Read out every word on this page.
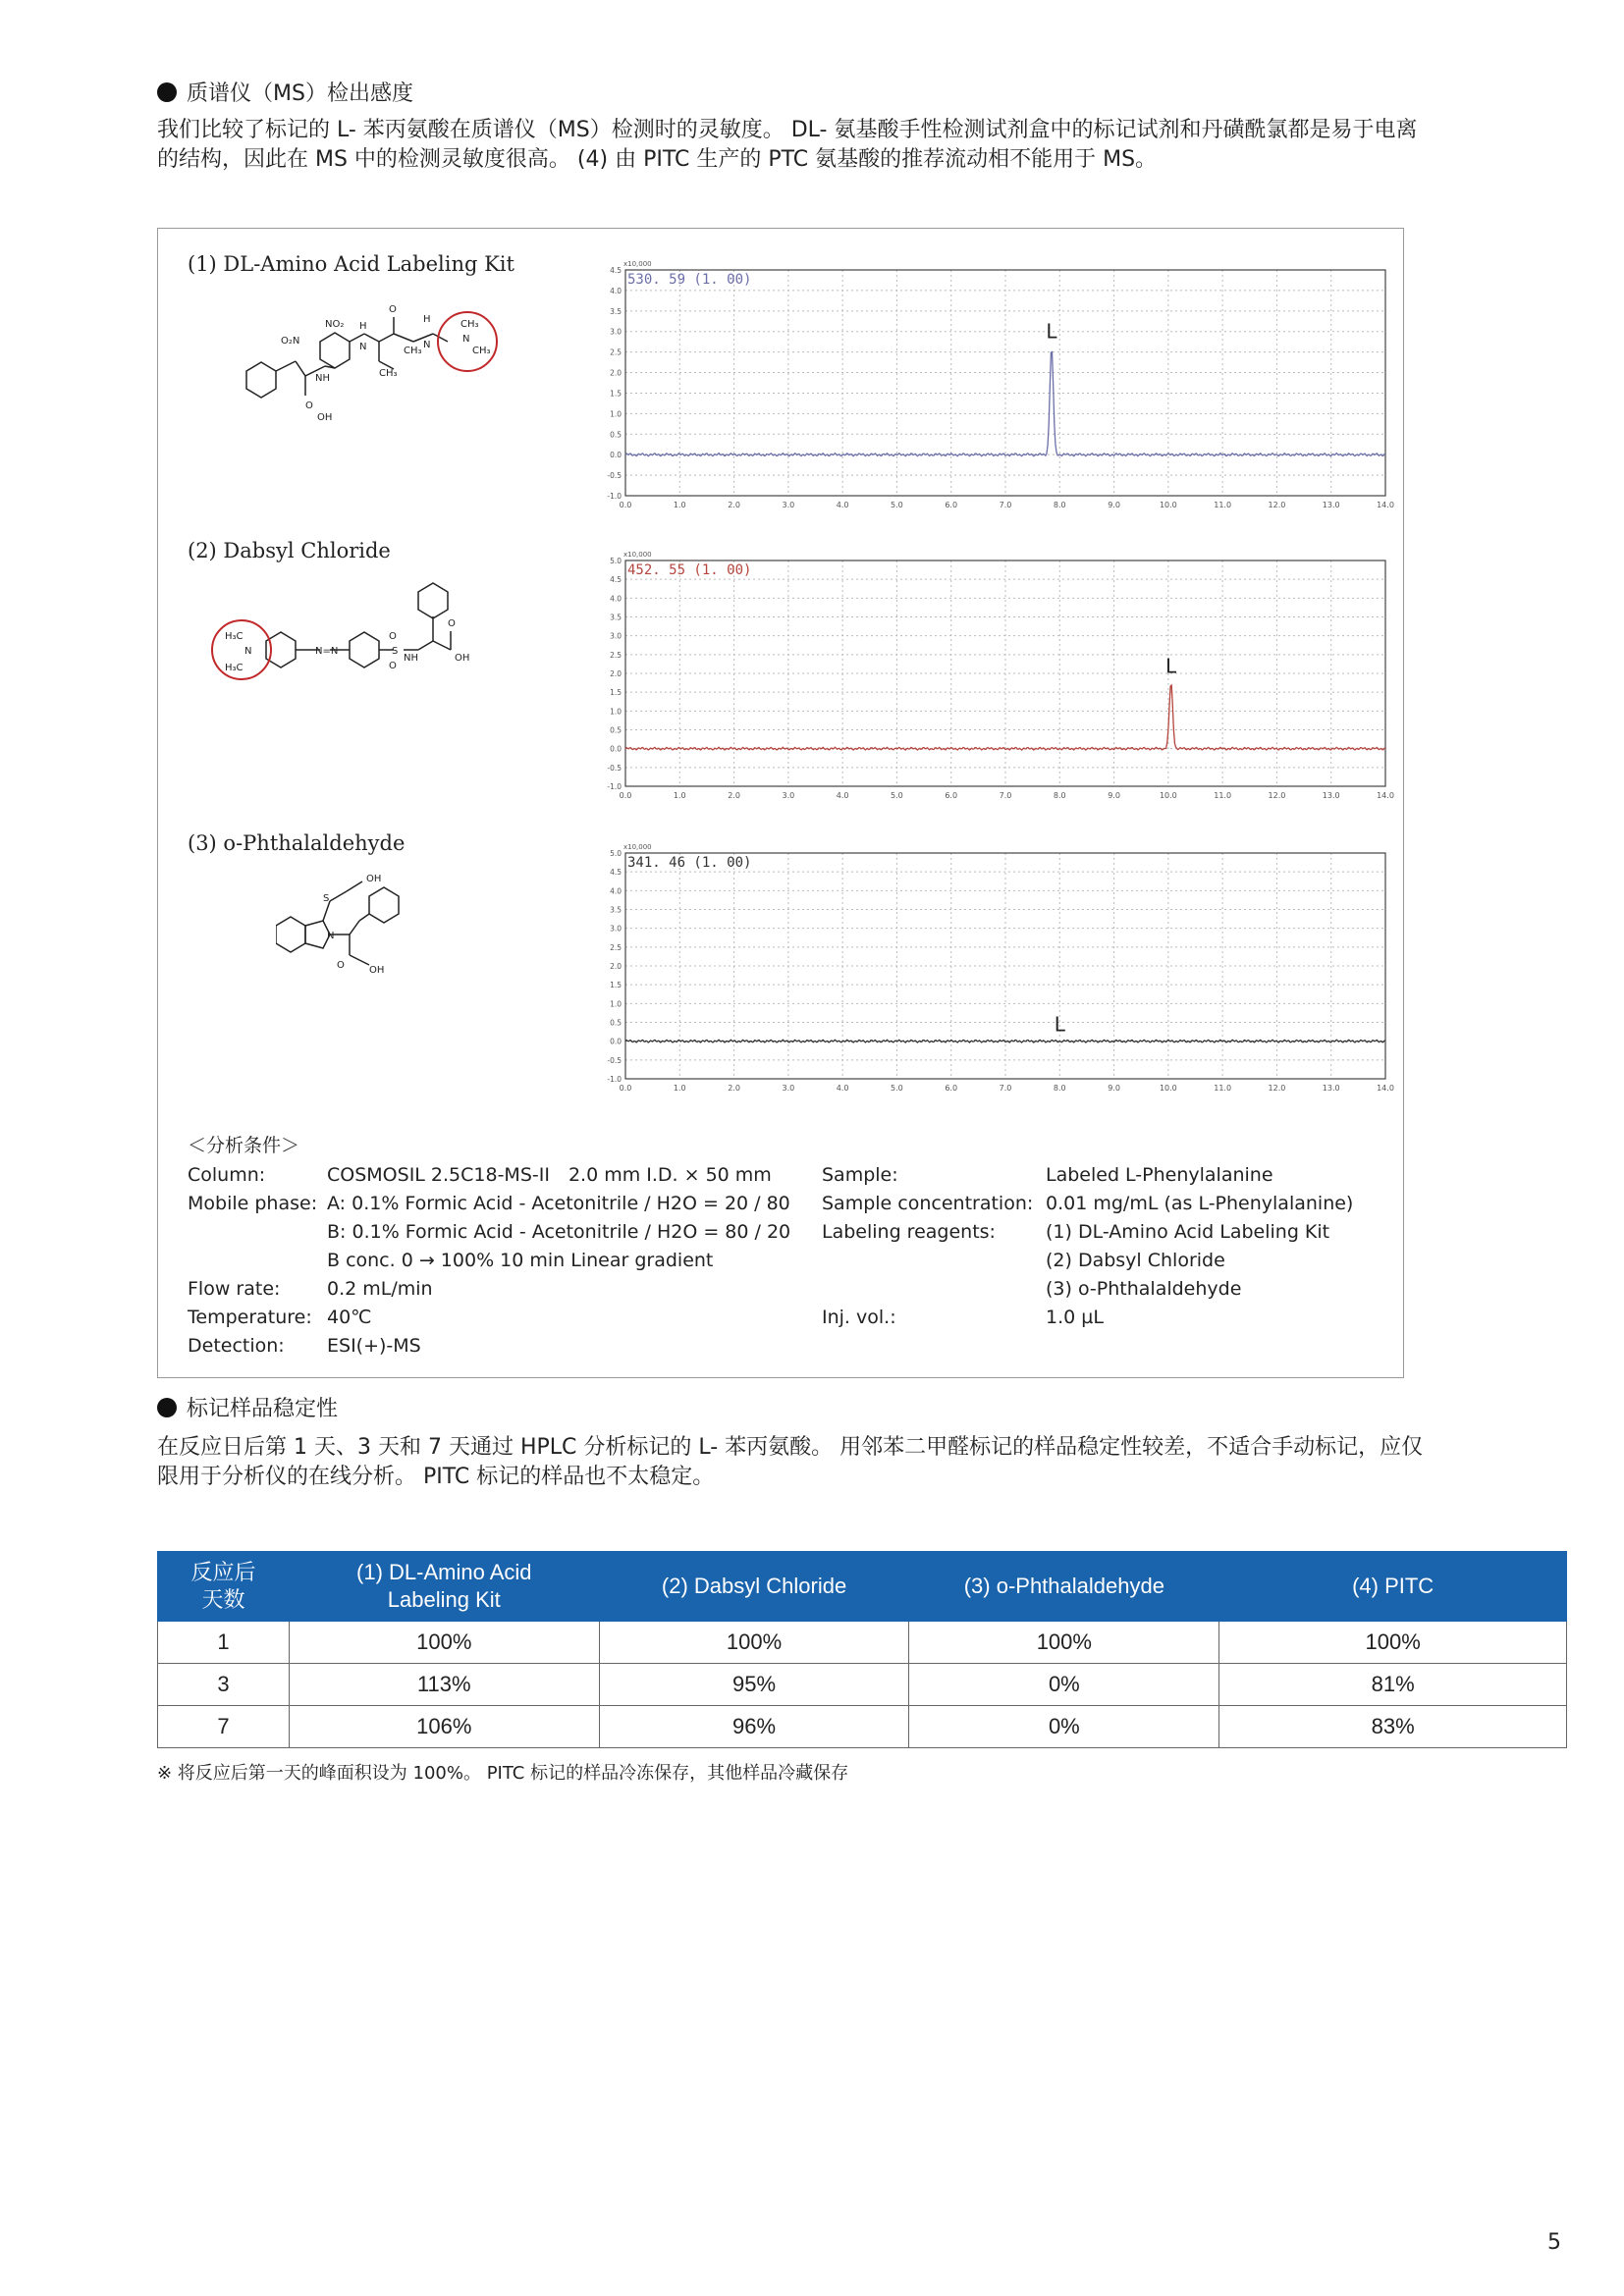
质谱仪（MS）检出感度
我们比较了标记的 L- 苯丙氨酸在质谱仪（MS）检测时的灵敏度。 DL- 氨基酸手性检测试剂盒中的标记试剂和丹磺酰氯都是易于电离
的结构，因此在 MS 中的检测灵敏度很高。 (4) 由 PITC 生产的 PTC 氨基酸的推荐流动相不能用于 MS。
(1) DL-Amino Acid Labeling Kit
NO₂
O₂N
NH
O
OH
H
N
O
CH₃
CH₃
N
H	CH₃
N
CH₃
(2) Dabsyl Chloride
H₃C
N
H₃C
N=N	S
O
O
NH
O
OH
(3) o-Phthalaldehyde
S
OH
N
O	OH
0.0	1.0	2.0	3.0	4.0	5.0	6.0	7.0	8.0	9.0	10.0	11.0	12.0	13.0	14.0
-1.0
-0.5
0.0
0.5
1.0
1.5
2.0
2.5
3.0
3.5
4.0
4.5
x10,000
530. 59 (1. 00)
L
0.0	1.0	2.0	3.0	4.0	5.0	6.0	7.0	8.0	9.0	10.0	11.0	12.0	13.0	14.0
-1.0
-0.5
0.0
0.5
1.0
1.5
2.0
2.5
3.0
3.5
4.0
4.5
5.0
x10,000
452. 55 (1. 00)
L
0.0	1.0	2.0	3.0	4.0	5.0	6.0	7.0	8.0	9.0	10.0	11.0	12.0	13.0	14.0
-1.0
-0.5
0.0
0.5
1.0
1.5
2.0
2.5
3.0
3.5
4.0
4.5
5.0
x10,000
341. 46 (1. 00)
L
＜分析条件＞
Column:	COSMOSIL 2.5C18-MS-II　2.0 mm I.D. × 50 mm
Mobile phase: A: 0.1% Formic Acid - Acetonitrile / H2O = 20 / 80
B: 0.1% Formic Acid - Acetonitrile / H2O = 80 / 20
B conc. 0 → 100% 10 min Linear gradient
Flow rate:	0.2 mL/min
Temperature: 40℃
Detection:	ESI(+)-MS
Sample:	Labeled L-Phenylalanine
Sample concentration: 0.01 mg/mL (as L-Phenylalanine)
Labeling reagents:	(1) DL-Amino Acid Labeling Kit
(2) Dabsyl Chloride
(3) o-Phthalaldehyde
Inj. vol.:	1.0 µL
标记样品稳定性
在反应日后第 1 天、3 天和 7 天通过 HPLC 分析标记的 L- 苯丙氨酸。 用邻苯二甲醛标记的样品稳定性较差，不适合手动标记，应仅
限用于分析仪的在线分析。 PITC 标记的样品也不太稳定。
反应后
天数	(1) DL-Amino Acid
Labeling Kit	(2) Dabsyl Chloride	(3) o-Phthalaldehyde	(4) PITC
1	100%	100%	100%	100%
3	113%	95%	0%	81%
7	106%	96%	0%	83%
※ 将反应后第一天的峰面积设为 100%。 PITC 标记的样品冷冻保存，其他样品冷藏保存
5
